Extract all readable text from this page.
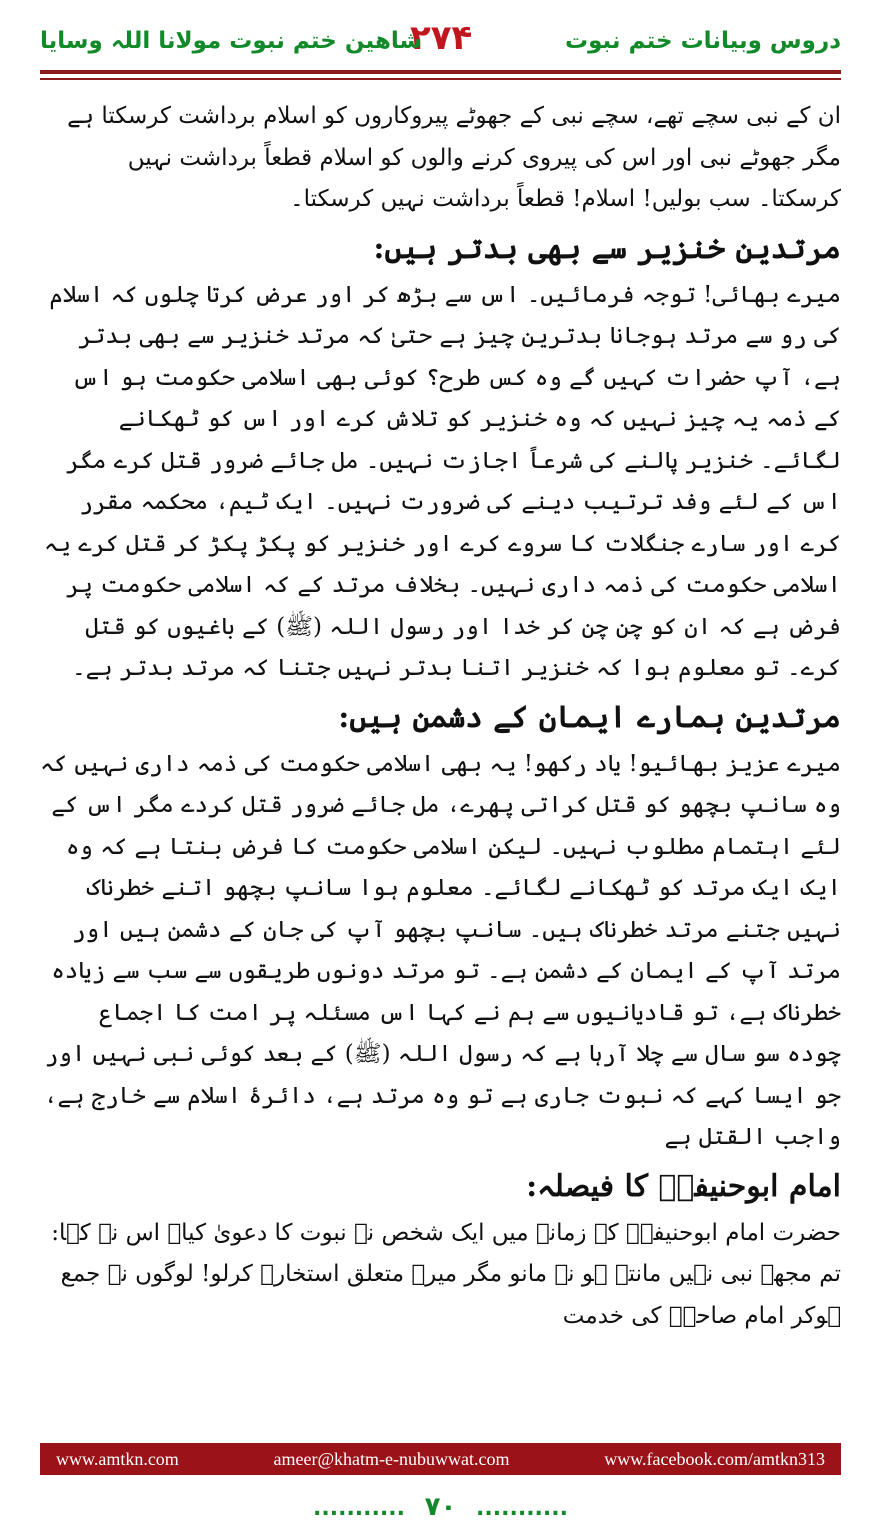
دروس وبیانات ختم نبوت
۲۷۴
شاهین ختم نبوت مولانا اللہ وسایا

ان کے نبی سچے تھے، سچے نبی کے جھوٹے پیروکاروں کو اسلام برداشت کرسکتا ہے مگر جھوٹے نبی اور اس کی پیروی کرنے والوں کو اسلام قطعاً برداشت نہیں کرسکتا۔ سب بولیں! اسلام! قطعاً برداشت نہیں کرسکتا۔

مرتدین خنزیر سے بھی بدتر ہیں:

میرے بھائی! توجہ فرمائیں۔ اس سے بڑھ کر اور عرض کرتا چلوں کہ اسلام کی رو سے مرتد ہوجانا بدترین چیز ہے حتیٰ کہ مرتد خنزیر سے بھی بدتر ہے، آپ حضرات کہیں گے وہ کس طرح؟ کوئی بھی اسلامی حکومت ہو اس کے ذمہ یہ چیز نہیں کہ وہ خنزیر کو تلاش کرے اور اس کو ٹھکانے لگائے۔ خنزیر پالنے کی شرعاً اجازت نہیں۔ مل جائے ضرور قتل کرے مگر اس کے لئے وفد ترتیب دینے کی ضرورت نہیں۔ ایک ٹیم، محکمہ مقرر کرے اور سارے جنگلات کا سروے کرے اور خنزیر کو پکڑ پکڑ کر قتل کرے یہ اسلامی حکومت کی ذمہ داری نہیں۔ بخلاف مرتد کے کہ اسلامی حکومت پر فرض ہے کہ ان کو چن چن کر خدا اور رسول اللہ (ﷺ) کے باغیوں کو قتل کرے۔ تو معلوم ہوا کہ خنزیر اتنا بدتر نہیں جتنا کہ مرتد بدتر ہے۔

مرتدین ہمارے ایمان کے دشمن ہیں:

میرے عزیز بھائیو! یاد رکھو! یہ بھی اسلامی حکومت کی ذمہ داری نہیں کہ وہ سانپ بچھو کو قتل کراتی پھرے، مل جائے ضرور قتل کردے مگر اس کے لئے اہتمام مطلوب نہیں۔ لیکن اسلامی حکومت کا فرض بنتا ہے کہ وہ ایک ایک مرتد کو ٹھکانے لگائے۔ معلوم ہوا سانپ بچھو اتنے خطرناک نہیں جتنے مرتد خطرناک ہیں۔ سانپ بچھو آپ کی جان کے دشمن ہیں اور مرتد آپ کے ایمان کے دشمن ہے۔ تو مرتد دونوں طریقوں سے سب سے زیادہ خطرناک ہے، تو قادیانیوں سے ہم نے کہا اس مسئلہ پر امت کا اجماع چودہ سو سال سے چلا آرہا ہے کہ رسول اللہ (ﷺ) کے بعد کوئی نبی نہیں اور جو ایسا کہے کہ نبوت جاری ہے تو وہ مرتد ہے، دائرۂ اسلام سے خارج ہے، واجب القتل ہے

امام ابوحنیفہؒ کا فیصلہ:

حضرت امام ابوحنیفہؒ کے زمانہ میں ایک شخص نے نبوت کا دعویٰ کیا۔ اس نے کہا: تم مجھے نبی نہیں مانتے ہو نہ مانو مگر میرے متعلق استخارہ کرلو! لوگوں نے جمع ہوکر امام صاحبؒ کی خدمت

www.amtkn.com	ameer@khatm-e-nubuwwat.com	www.facebook.com/amtkn313
........... ۷۰ ...........
